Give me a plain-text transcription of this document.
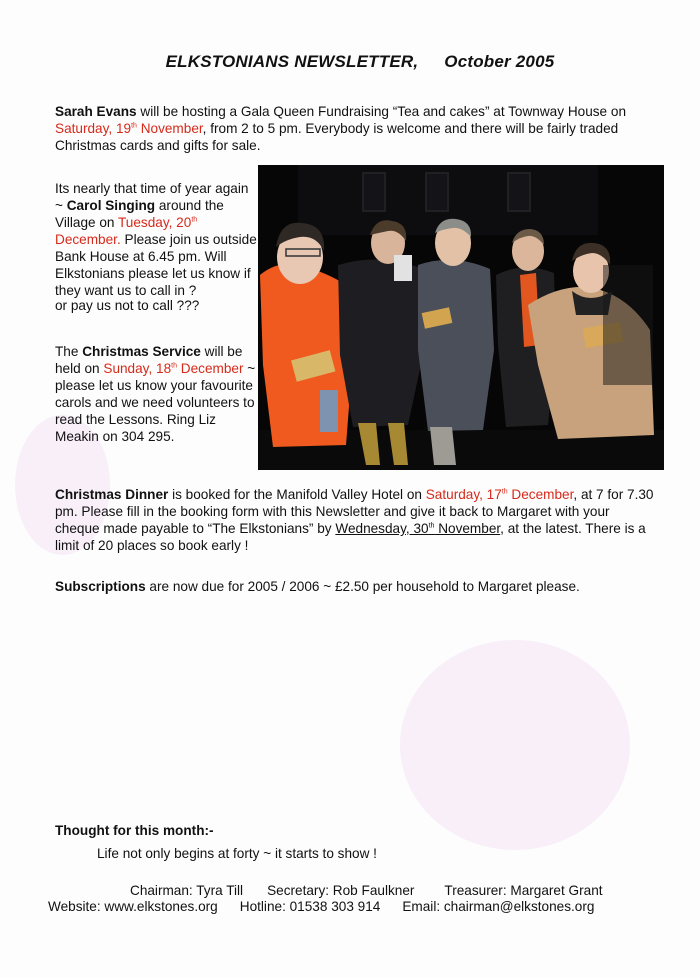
ELKSTONIANS NEWSLETTER, October 2005

Sarah Evans will be hosting a Gala Queen Fundraising “Tea and cakes” at Townway House on Saturday, 19th November, from 2 to 5 pm. Everybody is welcome and there will be fairly traded Christmas cards and gifts for sale.

Its nearly that time of year again ~ Carol Singing around the Village on Tuesday, 20th December. Please join us outside Bank House at 6.45 pm. Will Elkstonians please let us know if they want us to call in ?

or pay us not to call ???

The Christmas Service will be held on Sunday, 18th December ~ please let us know your favourite carols and we need volunteers to read the Lessons. Ring Liz Meakin on 304 295.

Christmas Dinner is booked for the Manifold Valley Hotel on Saturday, 17th December, at 7 for 7.30 pm. Please fill in the booking form with this Newsletter and give it back to Margaret with your cheque made payable to “The Elkstonians” by Wednesday, 30th November, at the latest. There is a limit of 20 places so book early !

Subscriptions are now due for 2005 / 2006 ~ £2.50 per household to Margaret please.

Thought for this month:-

Life not only begins at forty ~ it starts to show !

Chairman: Tyra Till Secretary: Rob Faulkner Treasurer: Margaret Grant

Website: www.elkstones.org Hotline: 01538 303 914 Email: chairman@elkstones.org
